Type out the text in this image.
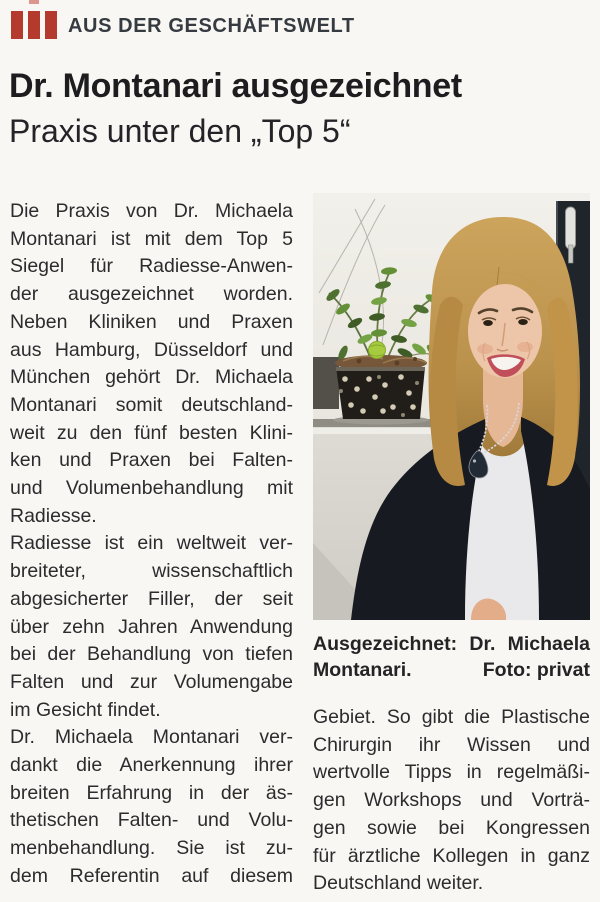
AUS DER GESCHÄFTSWELT
Dr. Montanari ausgezeichnet
Praxis unter den „Top 5“
Die Praxis von Dr. Michaela
Montanari ist mit dem Top 5
Siegel für Radiesse-Anwen-
der ausgezeichnet worden.
Neben Kliniken und Praxen
aus Hamburg, Düsseldorf und
München gehört Dr. Michaela
Montanari somit deutschland-
weit zu den fünf besten Klini-
ken und Praxen bei Falten-
und Volumenbehandlung mit
Radiesse.
Radiesse ist ein weltweit ver-
breiteter, wissenschaftlich
abgesicherter Filler, der seit
über zehn Jahren Anwendung
bei der Behandlung von tiefen
Falten und zur Volumengabe
im Gesicht findet.
Dr. Michaela Montanari ver-
dankt die Anerkennung ihrer
breiten Erfahrung in der äs-
thetischen Falten- und Volu-
menbehandlung. Sie ist zu-
dem Referentin auf diesem
Ausgezeichnet: Dr. Michaela
Montanari.	Foto: privat
Gebiet. So gibt die Plastische
Chirurgin ihr Wissen und
wertvolle Tipps in regelmäßi-
gen Workshops und Vorträ-
gen sowie bei Kongressen
für ärztliche Kollegen in ganz
Deutschland weiter.
